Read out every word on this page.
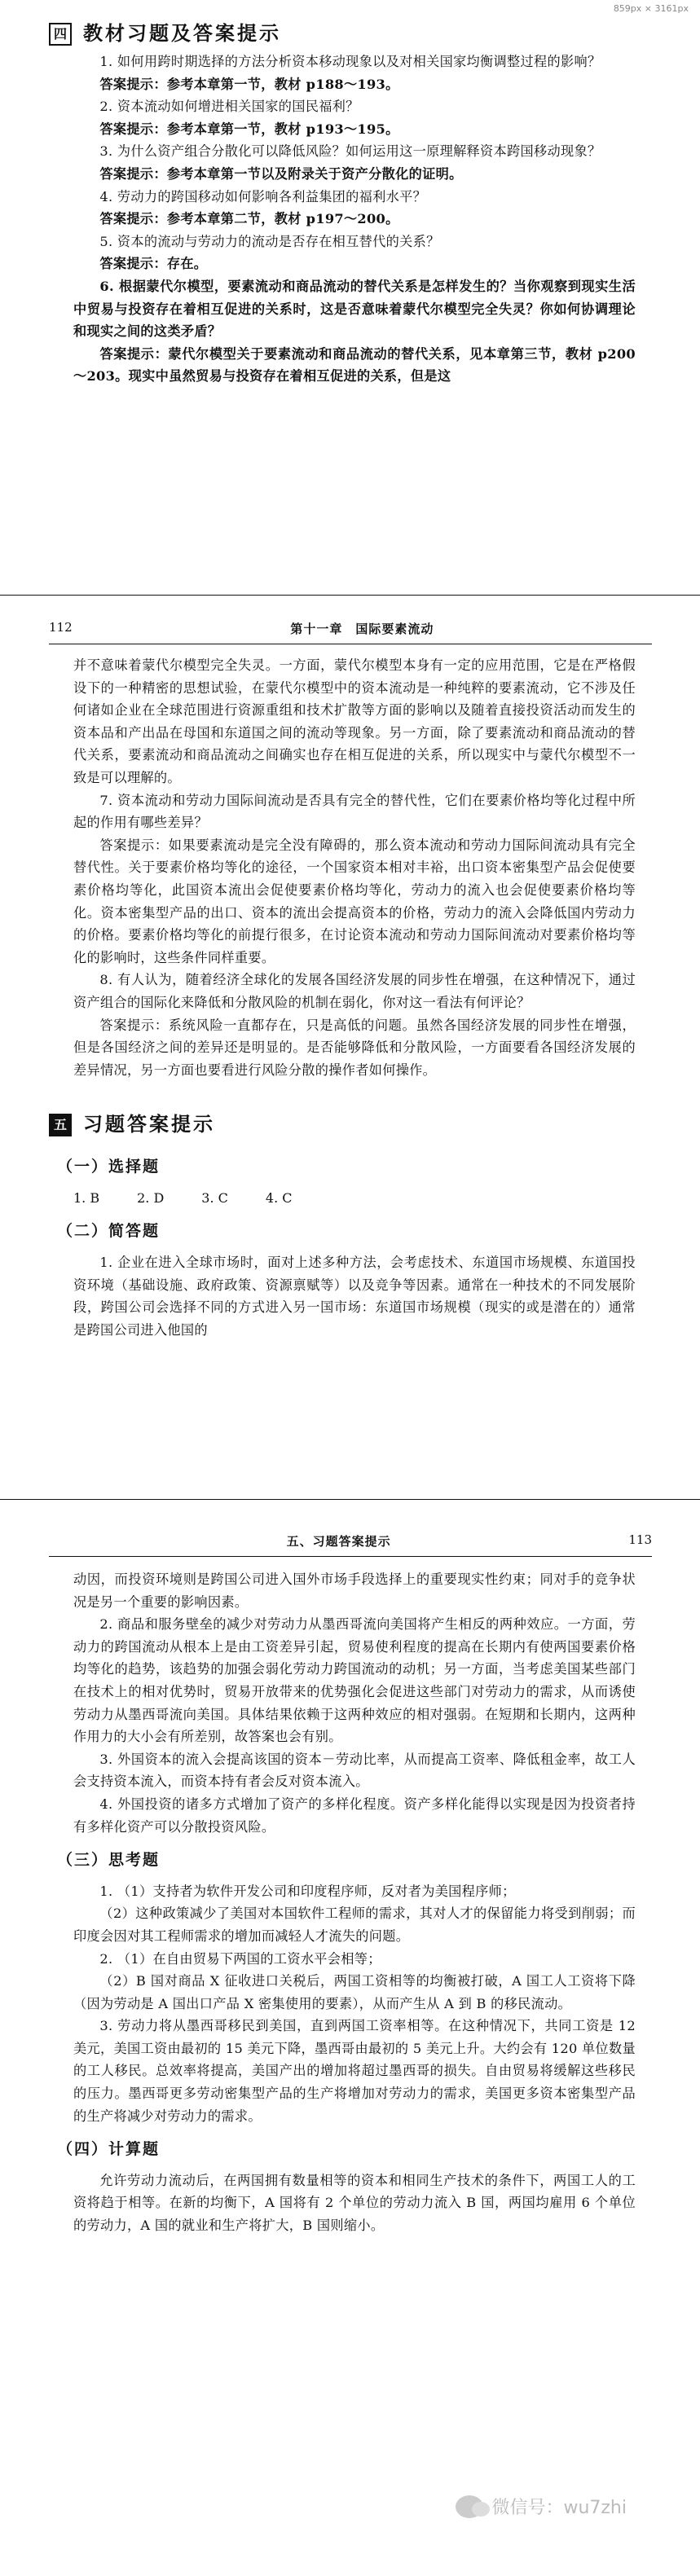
859px × 3161px
四 教材习题及答案提示

1. 如何用跨时期选择的方法分析资本移动现象以及对相关国家均衡调整过程的影响？

答案提示：参考本章第一节，教材 p188～193。

2. 资本流动如何增进相关国家的国民福利？

答案提示：参考本章第一节，教材 p193～195。

3. 为什么资产组合分散化可以降低风险？如何运用这一原理解释资本跨国移动现象？

答案提示：参考本章第一节以及附录关于资产分散化的证明。

4. 劳动力的跨国移动如何影响各利益集团的福利水平？

答案提示：参考本章第二节，教材 p197～200。

5. 资本的流动与劳动力的流动是否存在相互替代的关系？

答案提示：存在。

6. 根据蒙代尔模型，要素流动和商品流动的替代关系是怎样发生的？当你观察到现实生活中贸易与投资存在着相互促进的关系时，这是否意味着蒙代尔模型完全失灵？你如何协调理论和现实之间的这类矛盾？

答案提示：蒙代尔模型关于要素流动和商品流动的替代关系，见本章第三节，教材 p200～203。现实中虽然贸易与投资存在着相互促进的关系，但是这

112	第十一章　国际要素流动

并不意味着蒙代尔模型完全失灵。一方面，蒙代尔模型本身有一定的应用范围，它是在严格假设下的一种精密的思想试验，在蒙代尔模型中的资本流动是一种纯粹的要素流动，它不涉及任何诸如企业在全球范围进行资源重组和技术扩散等方面的影响以及随着直接投资活动而发生的资本品和产出品在母国和东道国之间的流动等现象。另一方面，除了要素流动和商品流动的替代关系，要素流动和商品流动之间确实也存在相互促进的关系，所以现实中与蒙代尔模型不一致是可以理解的。

7. 资本流动和劳动力国际间流动是否具有完全的替代性，它们在要素价格均等化过程中所起的作用有哪些差异？

答案提示：如果要素流动是完全没有障碍的，那么资本流动和劳动力国际间流动具有完全替代性。关于要素价格均等化的途径，一个国家资本相对丰裕，出口资本密集型产品会促使要素价格均等化，此国资本流出会促使要素价格均等化，劳动力的流入也会促使要素价格均等化。资本密集型产品的出口、资本的流出会提高资本的价格，劳动力的流入会降低国内劳动力的价格。要素价格均等化的前提行很多，在讨论资本流动和劳动力国际间流动对要素价格均等化的影响时，这些条件同样重要。

8. 有人认为，随着经济全球化的发展各国经济发展的同步性在增强，在这种情况下，通过资产组合的国际化来降低和分散风险的机制在弱化，你对这一看法有何评论？

答案提示：系统风险一直都存在，只是高低的问题。虽然各国经济发展的同步性在增强，但是各国经济之间的差异还是明显的。是否能够降低和分散风险，一方面要看各国经济发展的差异情况，另一方面也要看进行风险分散的操作者如何操作。

五 习题答案提示
（一）选择题
1. B	2. D	3. C	4. C
（二）简答题

1. 企业在进入全球市场时，面对上述多种方法，会考虑技术、东道国市场规模、东道国投资环境（基础设施、政府政策、资源禀赋等）以及竞争等因素。通常在一种技术的不同发展阶段，跨国公司会选择不同的方式进入另一国市场：东道国市场规模（现实的或是潜在的）通常是跨国公司进入他国的

五、习题答案提示	113

动因，而投资环境则是跨国公司进入国外市场手段选择上的重要现实性约束；同对手的竞争状况是另一个重要的影响因素。

2. 商品和服务壁垒的减少对劳动力从墨西哥流向美国将产生相反的两种效应。一方面，劳动力的跨国流动从根本上是由工资差异引起，贸易使利程度的提高在长期内有使两国要素价格均等化的趋势，该趋势的加强会弱化劳动力跨国流动的动机；另一方面，当考虑美国某些部门在技术上的相对优势时，贸易开放带来的优势强化会促进这些部门对劳动力的需求，从而诱使劳动力从墨西哥流向美国。具体结果依赖于这两种效应的相对强弱。在短期和长期内，这两种作用力的大小会有所差别，故答案也会有别。

3. 外国资本的流入会提高该国的资本－劳动比率，从而提高工资率、降低租金率，故工人会支持资本流入，而资本持有者会反对资本流入。

4. 外国投资的诸多方式增加了资产的多样化程度。资产多样化能得以实现是因为投资者持有多样化资产可以分散投资风险。

（三）思考题

1. （1）支持者为软件开发公司和印度程序师，反对者为美国程序师；

（2）这种政策减少了美国对本国软件工程师的需求，其对人才的保留能力将受到削弱；而印度会因对其工程师需求的增加而减轻人才流失的问题。

2. （1）在自由贸易下两国的工资水平会相等；

（2）B 国对商品 X 征收进口关税后，两国工资相等的均衡被打破，A 国工人工资将下降（因为劳动是 A 国出口产品 X 密集使用的要素），从而产生从 A 到 B 的移民流动。

3. 劳动力将从墨西哥移民到美国，直到两国工资率相等。在这种情况下，共同工资是 12 美元，美国工资由最初的 15 美元下降，墨西哥由最初的 5 美元上升。大约会有 120 单位数量的工人移民。总效率将提高，美国产出的增加将超过墨西哥的损失。自由贸易将缓解这些移民的压力。墨西哥更多劳动密集型产品的生产将增加对劳动力的需求，美国更多资本密集型产品的生产将减少对劳动力的需求。

（四）计算题

允许劳动力流动后，在两国拥有数量相等的资本和相同生产技术的条件下，两国工人的工资将趋于相等。在新的均衡下，A 国将有 2 个单位的劳动力流入 B 国，两国均雇用 6 个单位的劳动力，A 国的就业和生产将扩大，B 国则缩小。

微信号：wu7zhi
